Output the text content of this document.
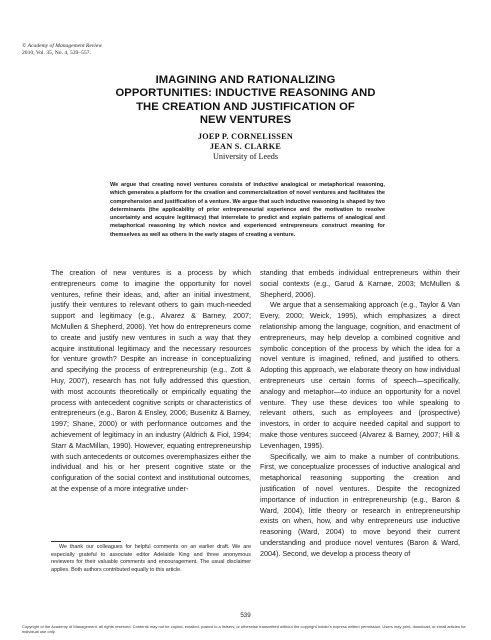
© Academy of Management Review
2010, Vol. 35, No. 4, 539–557.
IMAGINING AND RATIONALIZING
OPPORTUNITIES: INDUCTIVE REASONING AND
THE CREATION AND JUSTIFICATION OF
NEW VENTURES
JOEP P. CORNELISSEN
JEAN S. CLARKE
University of Leeds
We argue that creating novel ventures consists of inductive analogical or metaphorical reasoning, which generates a platform for the creation and commercialization of novel ventures and facilitates the comprehension and justification of a venture. We argue that such inductive reasoning is shaped by two determinants (the applicability of prior entrepreneurial experience and the motivation to resolve uncertainty and acquire legitimacy) that interrelate to predict and explain patterns of analogical and metaphorical reasoning by which novice and experienced entrepreneurs construct meaning for themselves as well as others in the early stages of creating a venture.

The creation of new ventures is a process by which entrepreneurs come to imagine the opportunity for novel ventures, refine their ideas, and, after an initial investment, justify their ventures to relevant others to gain much-needed support and legitimacy (e.g., Alvarez & Barney, 2007; McMullen & Shepherd, 2006). Yet how do entrepreneurs come to create and justify new ventures in such a way that they acquire institutional legitimacy and the necessary resources for venture growth? Despite an increase in conceptualizing and specifying the process of entrepreneurship (e.g., Zott & Huy, 2007), research has not fully addressed this question, with most accounts theoretically or empirically equating the process with antecedent cognitive scripts or characteristics of entrepreneurs (e.g., Baron & Ensley, 2006; Busenitz & Barney, 1997; Shane, 2000) or with performance outcomes and the achievement of legitimacy in an industry (Aldrich & Fiol, 1994; Starr & MacMillan, 1990). However, equating entrepreneurship with such antecedents or outcomes overemphasizes either the individual and his or her present cognitive state or the configuration of the social context and institutional outcomes, at the expense of a more integrative under-

standing that embeds individual entrepreneurs within their social contexts (e.g., Garud & Karnøe, 2003; McMullen & Shepherd, 2006).

We argue that a sensemaking approach (e.g., Taylor & Van Every, 2000; Weick, 1995), which emphasizes a direct relationship among the language, cognition, and enactment of entrepreneurs, may help develop a combined cognitive and symbolic conception of the process by which the idea for a novel venture is imagined, refined, and justified to others. Adopting this approach, we elaborate theory on how individual entrepreneurs use certain forms of speech—specifically, analogy and metaphor—to induce an opportunity for a novel venture. They use these devices too while speaking to relevant others, such as employees and (prospective) investors, in order to acquire needed capital and support to make those ventures succeed (Alvarez & Barney, 2007; Hill & Levenhagen, 1995).

Specifically, we aim to make a number of contributions. First, we conceptualize processes of inductive analogical and metaphorical reasoning supporting the creation and justification of novel ventures. Despite the recognized importance of induction in entrepreneurship (e.g., Baron & Ward, 2004), little theory or research in entrepreneurship exists on when, how, and why entrepreneurs use inductive reasoning (Ward, 2004) to move beyond their current understanding and produce novel ventures (Baron & Ward, 2004). Second, we develop a process theory of

We thank our colleagues for helpful comments on an earlier draft. We are especially grateful to associate editor Adelaide King and three anonymous reviewers for their valuable comments and encouragement. The usual disclaimer applies. Both authors contributed equally to this article.
539
Copyright of the Academy of Management, all rights reserved. Contents may not be copied, emailed, posted to a listserv, or otherwise transmitted without the copyright holder's express written permission. Users may print, download, or email articles for individual use only.
